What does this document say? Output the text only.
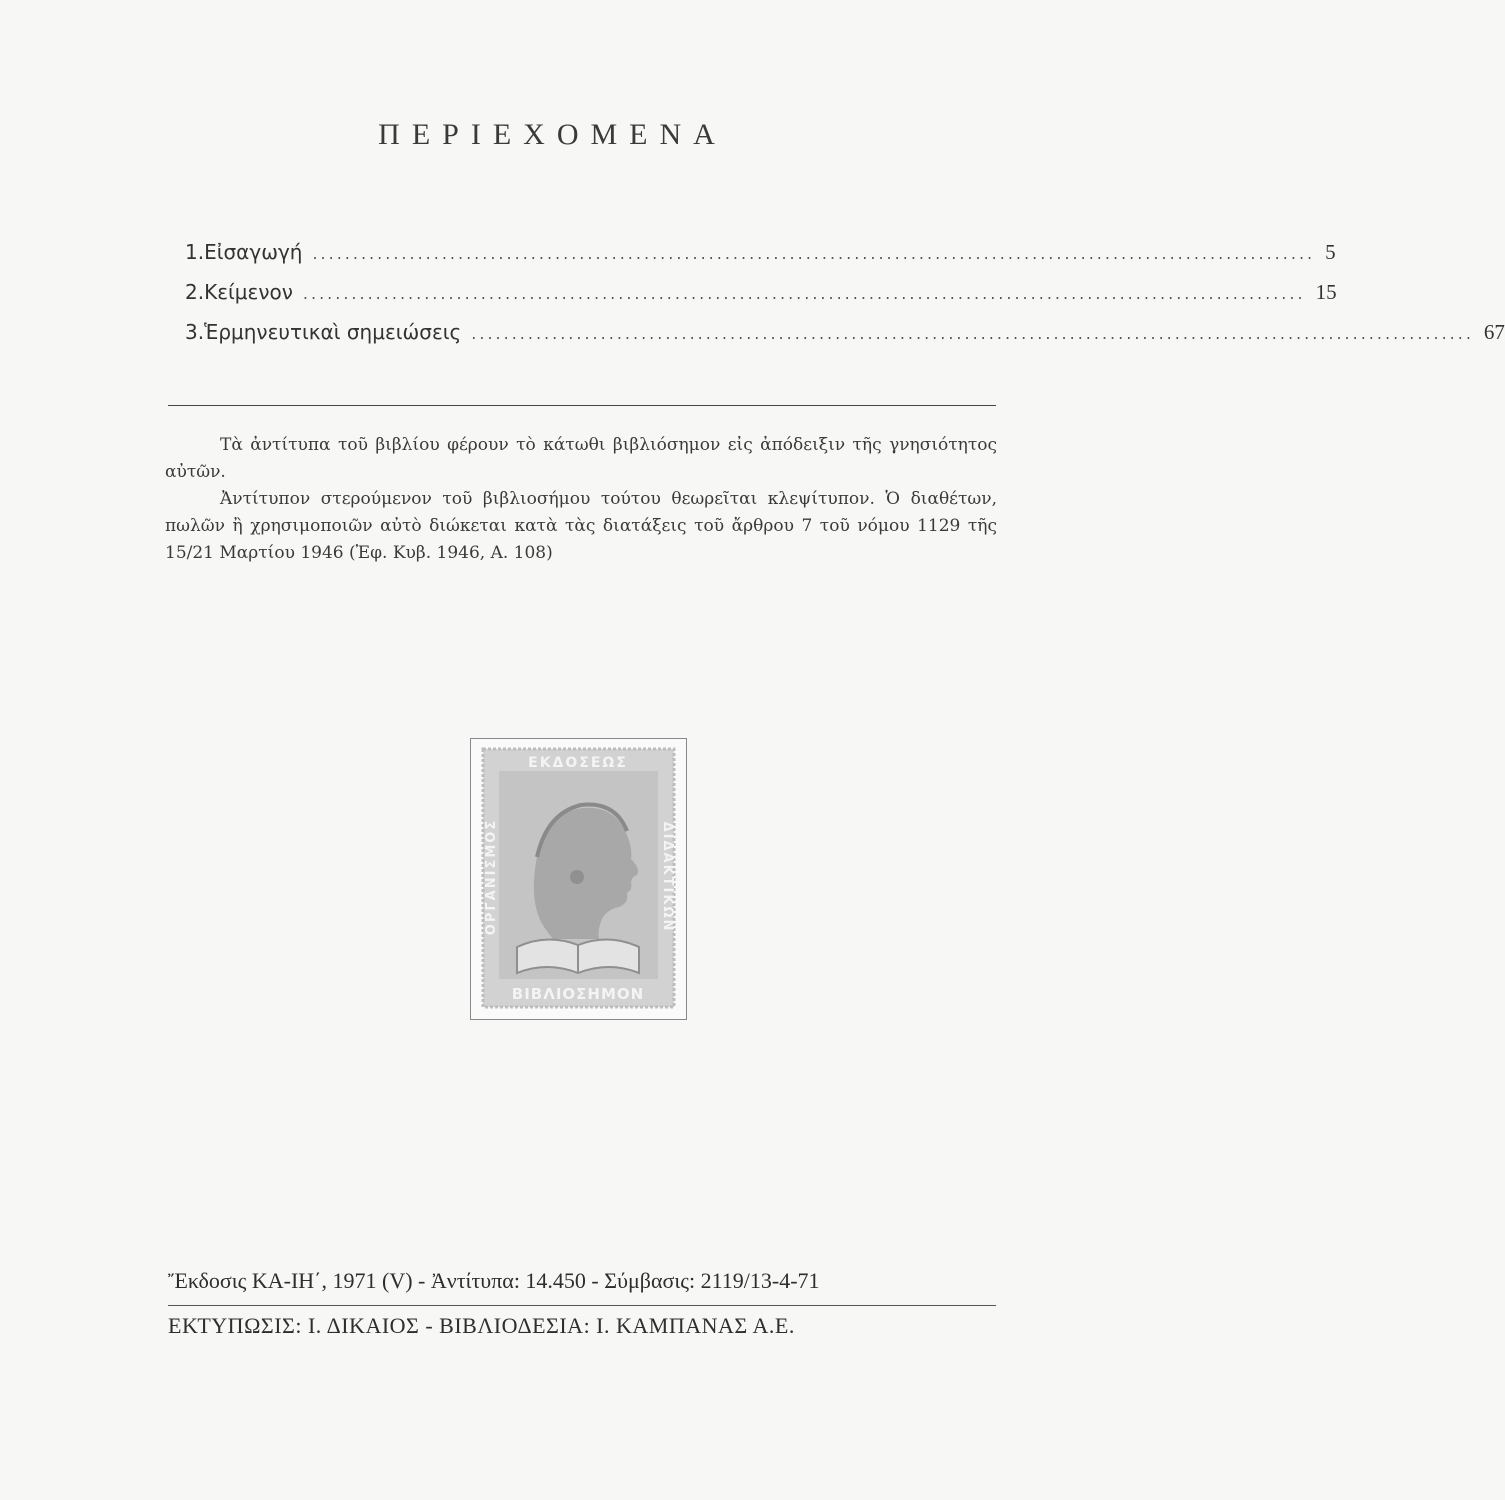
ΠΕΡΙΕΧΟΜΕΝΑ
1. Εἰσαγωγή ............................................................................................................................ 5
2. Κείμενον ............................................................................................................................ 15
3. Ἑρμηνευτικαὶ σημειώσεις ............................................................................................................................ 67

Τὰ ἀντίτυπα τοῦ βιβλίου φέρουν τὸ κάτωθι βιβλιόσημον εἰς ἀπόδειξιν τῆς γνησιότητος αὐτῶν.

Ἀντίτυπον στερούμενον τοῦ βιβλιοσήμου τούτου θεωρεῖται κλεψίτυπον. Ὁ διαθέτων, πωλῶν ἢ χρησιμοποιῶν αὐτὸ διώκεται κατὰ τὰς διατάξεις τοῦ ἄρθρου 7 τοῦ νόμου 1129 τῆς 15/21 Μαρτίου 1946 (Ἐφ. Κυβ. 1946, Α. 108)

ΕΚΔΟΣΕΩΣ
ΒΙΒΛΙΟΣΗΜΟΝ
ΟΡΓΑΝΙΣΜΟΣ	ΔΙΔΑΚΤΙΚΩΝ
Ἔκδοσις ΚΑ-ΙΗ΄, 1971 (V) - Ἀντίτυπα: 14.450 - Σύμβασις: 2119/13-4-71
ΕΚΤΥΠΩΣΙΣ: Ι. ΔΙΚΑΙΟΣ - ΒΙΒΛΙΟΔΕΣΙΑ: Ι. ΚΑΜΠΑΝΑΣ Α.Ε.
